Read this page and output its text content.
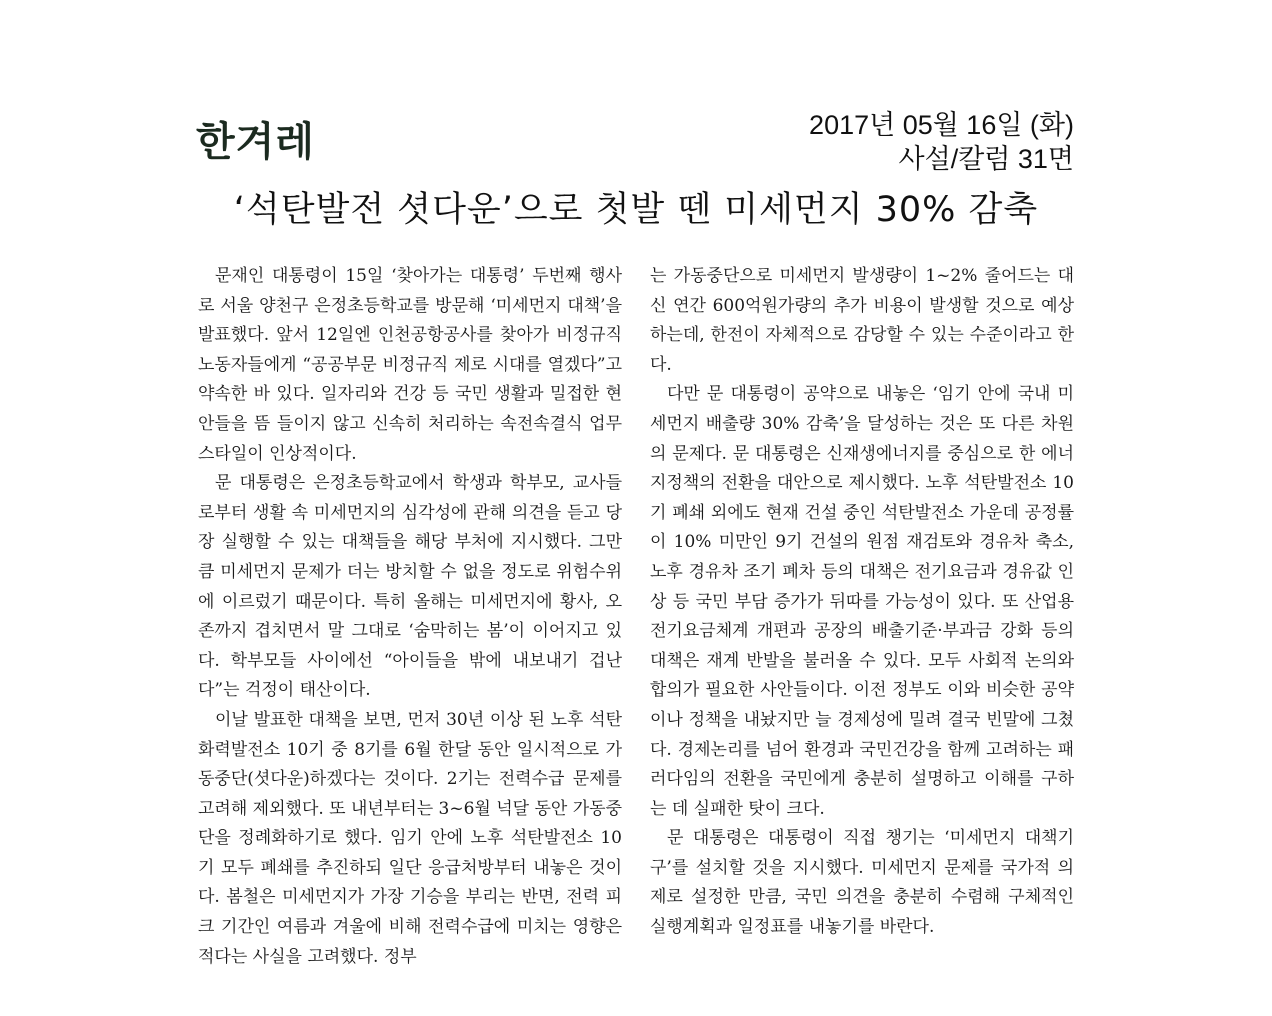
한겨레	2017년 05월 16일 (화)
사설/칼럼 31면
‘석탄발전 셧다운’으로 첫발 뗀 미세먼지 30% 감축

문재인 대통령이 15일 ‘찾아가는 대통령’ 두번째 행사로 서울 양천구 은정초등학교를 방문해 ‘미세먼지 대책’을 발표했다. 앞서 12일엔 인천공항공사를 찾아가 비정규직 노동자들에게 “공공부문 비정규직 제로 시대를 열겠다”고 약속한 바 있다. 일자리와 건강 등 국민 생활과 밀접한 현안들을 뜸 들이지 않고 신속히 처리하는 속전속결식 업무 스타일이 인상적이다.

문 대통령은 은정초등학교에서 학생과 학부모, 교사들로부터 생활 속 미세먼지의 심각성에 관해 의견을 듣고 당장 실행할 수 있는 대책들을 해당 부처에 지시했다. 그만큼 미세먼지 문제가 더는 방치할 수 없을 정도로 위험수위에 이르렀기 때문이다. 특히 올해는 미세먼지에 황사, 오존까지 겹치면서 말 그대로 ‘숨막히는 봄’이 이어지고 있다. 학부모들 사이에선 “아이들을 밖에 내보내기 겁난다”는 걱정이 태산이다.

이날 발표한 대책을 보면, 먼저 30년 이상 된 노후 석탄화력발전소 10기 중 8기를 6월 한달 동안 일시적으로 가동중단(셧다운)하겠다는 것이다. 2기는 전력수급 문제를 고려해 제외했다. 또 내년부터는 3~6월 넉달 동안 가동중단을 정례화하기로 했다. 임기 안에 노후 석탄발전소 10기 모두 폐쇄를 추진하되 일단 응급처방부터 내놓은 것이다. 봄철은 미세먼지가 가장 기승을 부리는 반면, 전력 피크 기간인 여름과 겨울에 비해 전력수급에 미치는 영향은 적다는 사실을 고려했다. 정부

는 가동중단으로 미세먼지 발생량이 1~2% 줄어드는 대신 연간 600억원가량의 추가 비용이 발생할 것으로 예상하는데, 한전이 자체적으로 감당할 수 있는 수준이라고 한다.

다만 문 대통령이 공약으로 내놓은 ‘임기 안에 국내 미세먼지 배출량 30% 감축’을 달성하는 것은 또 다른 차원의 문제다. 문 대통령은 신재생에너지를 중심으로 한 에너지정책의 전환을 대안으로 제시했다. 노후 석탄발전소 10기 폐쇄 외에도 현재 건설 중인 석탄발전소 가운데 공정률이 10% 미만인 9기 건설의 원점 재검토와 경유차 축소, 노후 경유차 조기 폐차 등의 대책은 전기요금과 경유값 인상 등 국민 부담 증가가 뒤따를 가능성이 있다. 또 산업용 전기요금체계 개편과 공장의 배출기준·부과금 강화 등의 대책은 재계 반발을 불러올 수 있다. 모두 사회적 논의와 합의가 필요한 사안들이다. 이전 정부도 이와 비슷한 공약이나 정책을 내놨지만 늘 경제성에 밀려 결국 빈말에 그쳤다. 경제논리를 넘어 환경과 국민건강을 함께 고려하는 패러다임의 전환을 국민에게 충분히 설명하고 이해를 구하는 데 실패한 탓이 크다.

문 대통령은 대통령이 직접 챙기는 ‘미세먼지 대책기구’를 설치할 것을 지시했다. 미세먼지 문제를 국가적 의제로 설정한 만큼, 국민 의견을 충분히 수렴해 구체적인 실행계획과 일정표를 내놓기를 바란다.
